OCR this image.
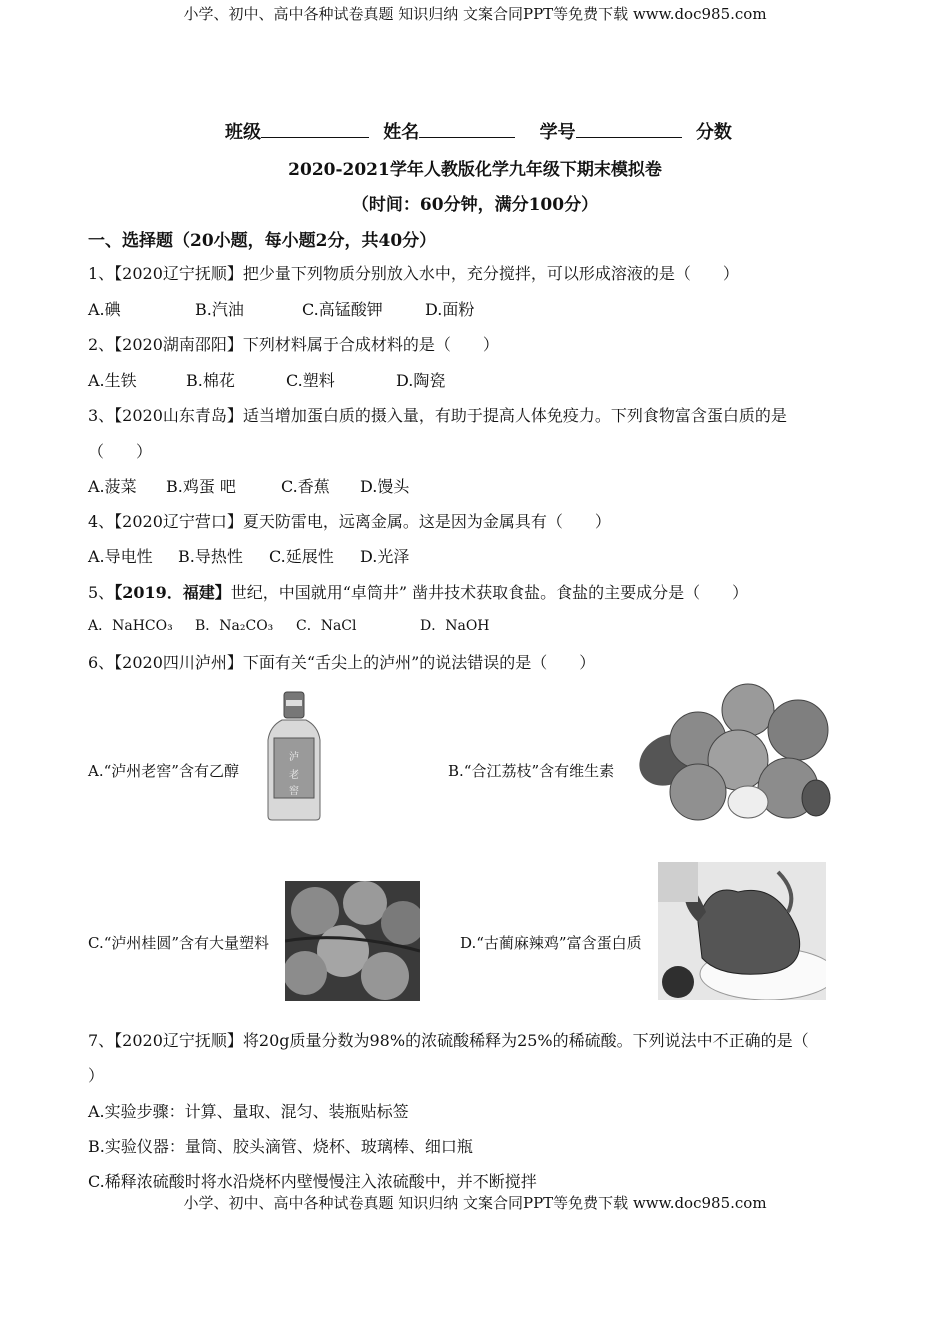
小学、初中、高中各种试卷真题 知识归纳 文案合同PPT等免费下载 www.doc985.com
班级	姓名	学号	分数
2020-2021学年人教版化学九年级下期末模拟卷
（时间：60分钟，满分100分）
一、选择题（20小题，每小题2分，共40分）
1、【2020辽宁抚顺】把少量下列物质分别放入水中，充分搅拌，可以形成溶液的是（　　）
A.碘	B.汽油	C.高锰酸钾	D.面粉
2、【2020湖南邵阳】下列材料属于合成材料的是（　　）
A.生铁	B.棉花	C.塑料	D.陶瓷
3、【2020山东青岛】适当增加蛋白质的摄入量，有助于提高人体免疫力。下列食物富含蛋白质的是
（　　）
A.菠菜 B.鸡蛋 吧	C.香蕉 D.馒头
4、【2020辽宁营口】夏天防雷电，远离金属。这是因为金属具有（　　）
A.导电性 B.导热性 C.延展性 D.光泽
5、【2019．福建】世纪，中国就用“卓筒井” 凿井技术获取食盐。食盐的主要成分是（　　）
A．NaHCO₃ B．Na₂CO₃ C．NaCl	D．NaOH
6、【2020四川泸州】下面有关“舌尖上的泸州”的说法错误的是（　　）
A.“泸州老窖”含有乙醇
泸
老
窖
B.“合江荔枝”含有维生素
C.“泸州桂圆”含有大量塑料	D.“古蔺麻辣鸡”富含蛋白质
7、【2020辽宁抚顺】将20g质量分数为98%的浓硫酸稀释为25%的稀硫酸。下列说法中不正确的是（
）
A.实验步骤：计算、量取、混匀、装瓶贴标签
B.实验仪器：量筒、胶头滴管、烧杯、玻璃棒、细口瓶
C.稀释浓硫酸时将水沿烧杯内壁慢慢注入浓硫酸中，并不断搅拌
小学、初中、高中各种试卷真题 知识归纳 文案合同PPT等免费下载 www.doc985.com
